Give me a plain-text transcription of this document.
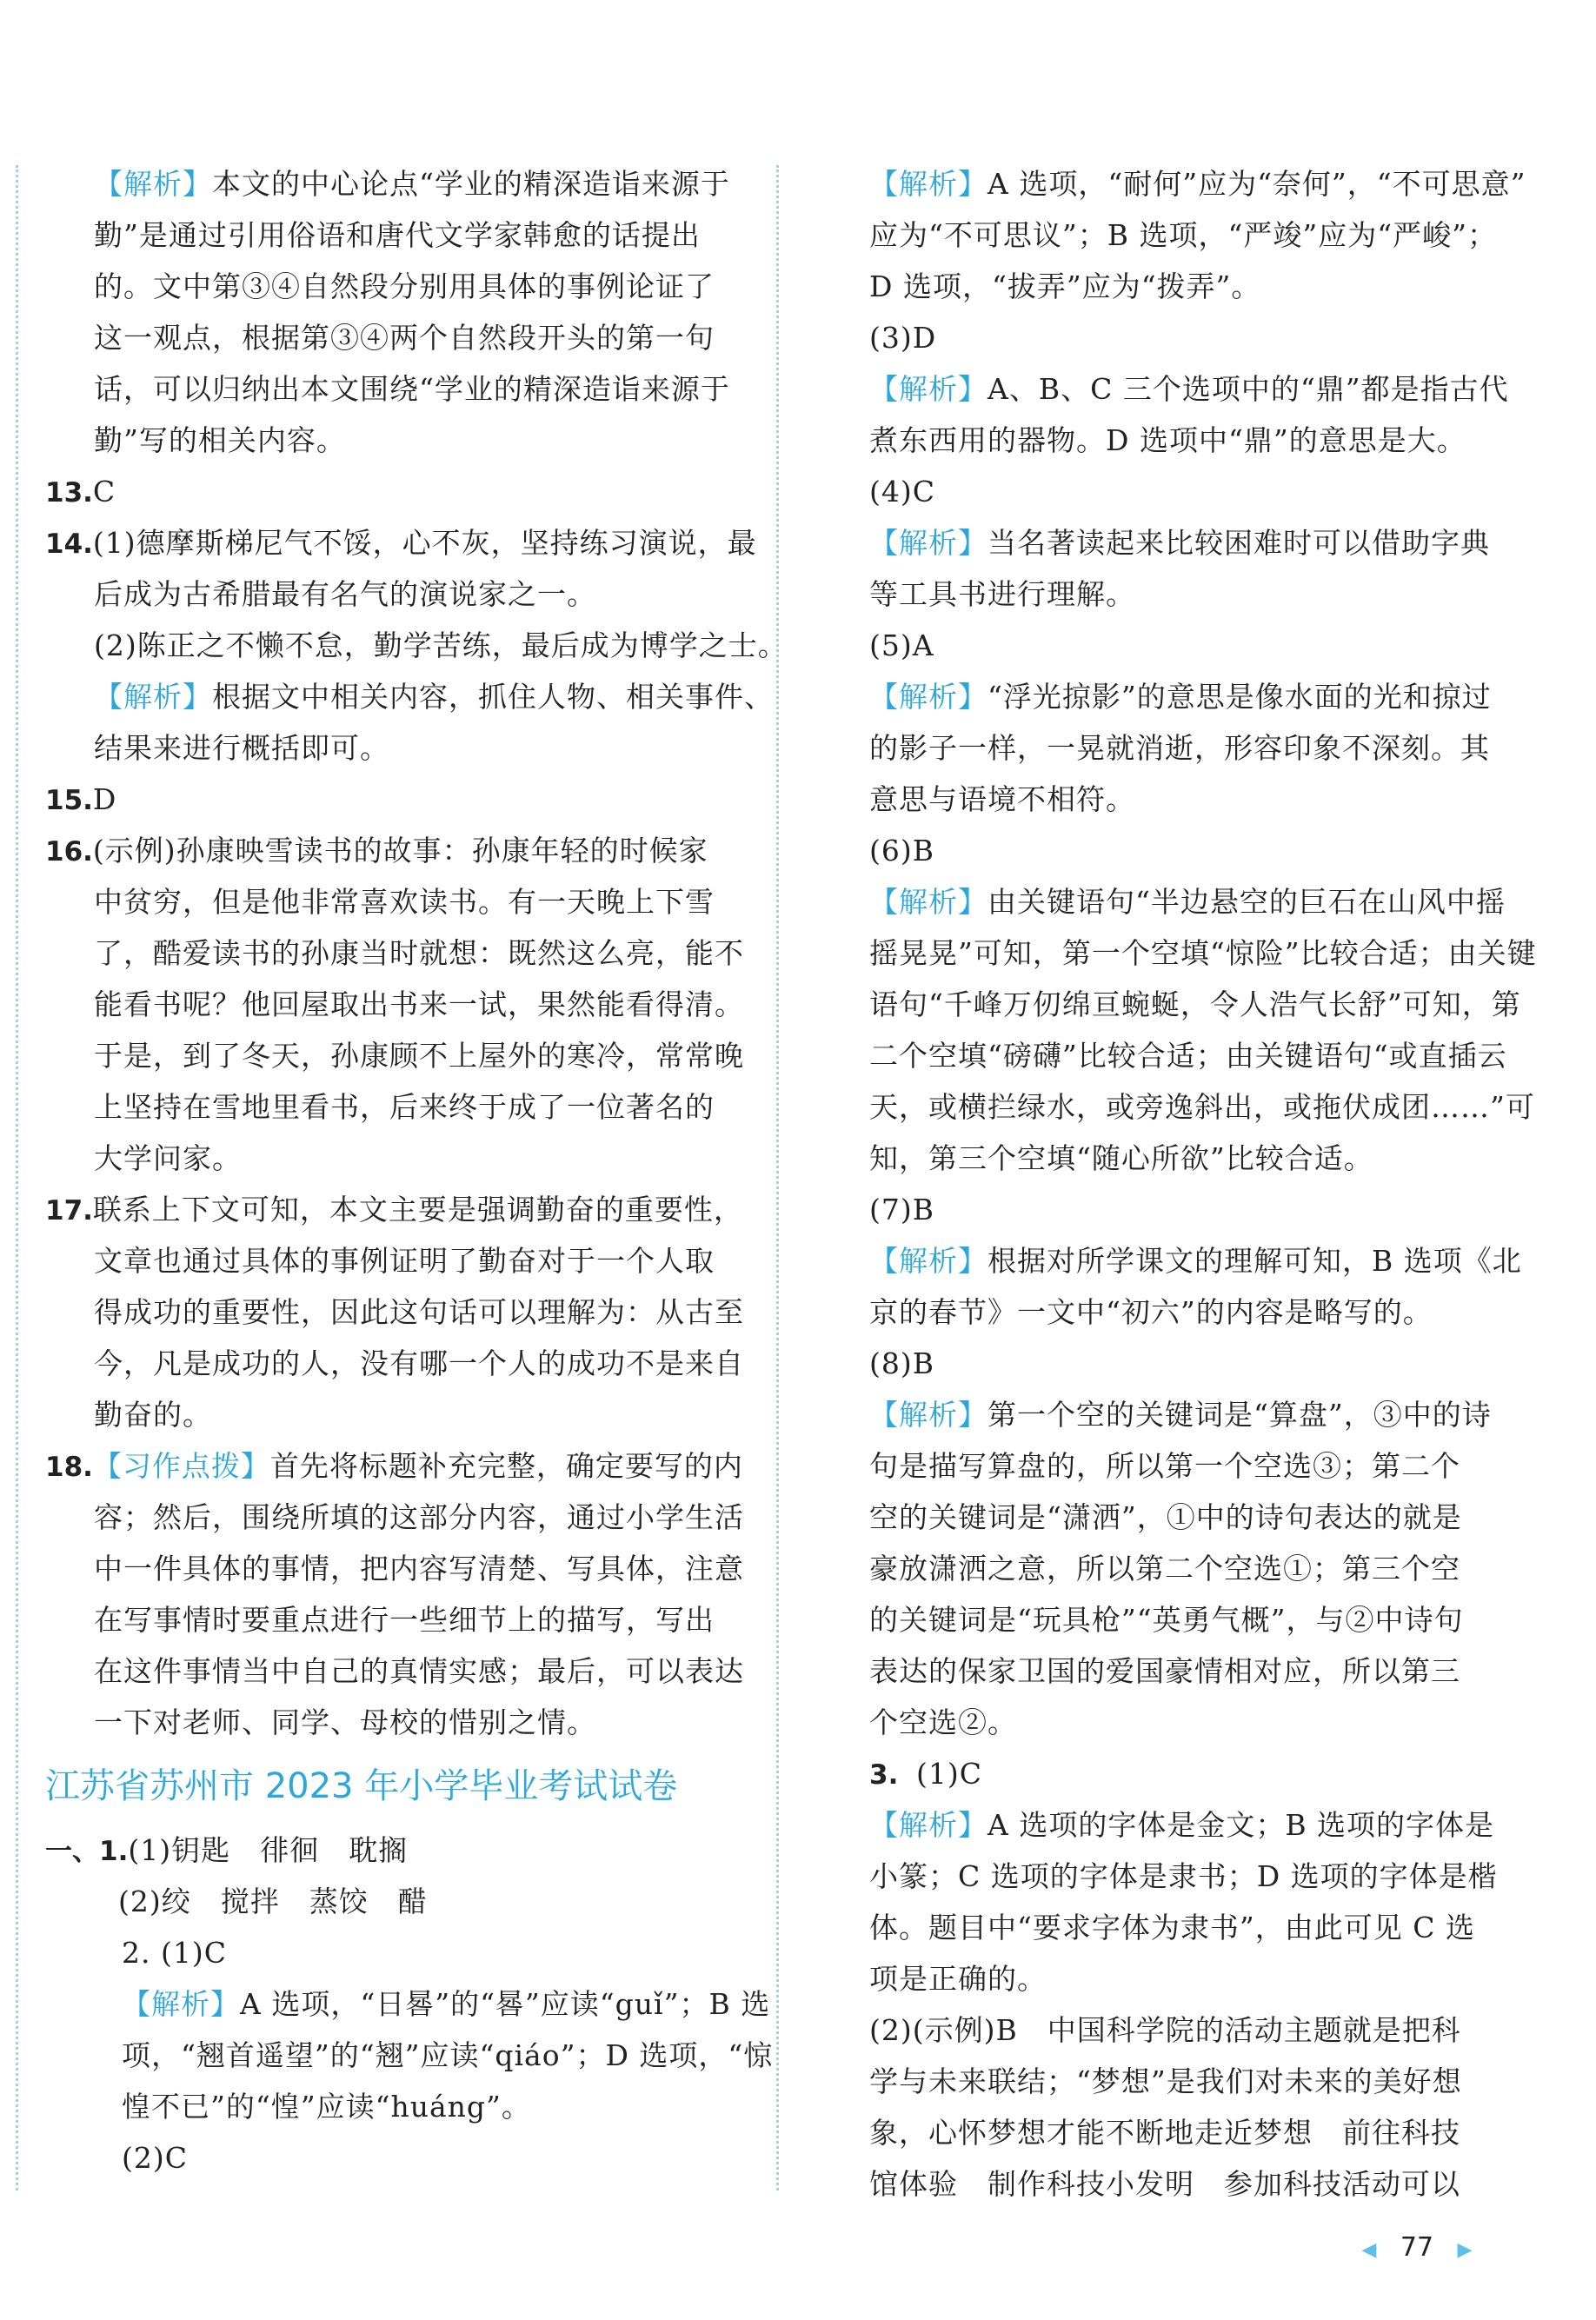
【解析】本文的中心论点“学业的精深造诣来源于
勤”是通过引用俗语和唐代文学家韩愈的话提出
的。文中第③④自然段分别用具体的事例论证了
这一观点，根据第③④两个自然段开头的第一句
话，可以归纳出本文围绕“学业的精深造诣来源于
勤”写的相关内容。
13.C
14.(1)德摩斯梯尼气不馁，心不灰，坚持练习演说，最
后成为古希腊最有名气的演说家之一。
(2)陈正之不懒不怠，勤学苦练，最后成为博学之士。
【解析】根据文中相关内容，抓住人物、相关事件、
结果来进行概括即可。
15.D
16.(示例)孙康映雪读书的故事：孙康年轻的时候家
中贫穷，但是他非常喜欢读书。有一天晚上下雪
了，酷爱读书的孙康当时就想：既然这么亮，能不
能看书呢？他回屋取出书来一试，果然能看得清。
于是，到了冬天，孙康顾不上屋外的寒冷，常常晚
上坚持在雪地里看书，后来终于成了一位著名的
大学问家。
17.联系上下文可知，本文主要是强调勤奋的重要性，
文章也通过具体的事例证明了勤奋对于一个人取
得成功的重要性，因此这句话可以理解为：从古至
今，凡是成功的人，没有哪一个人的成功不是来自
勤奋的。
18.【习作点拨】首先将标题补充完整，确定要写的内
容；然后，围绕所填的这部分内容，通过小学生活
中一件具体的事情，把内容写清楚、写具体，注意
在写事情时要重点进行一些细节上的描写，写出
在这件事情当中自己的真情实感；最后，可以表达
一下对老师、同学、母校的惜别之情。
江苏省苏州市 2023 年小学毕业考试试卷
一、1.(1)钥匙　徘徊　耽搁
(2)绞　搅拌　蒸饺　醋
2. (1)C
【解析】A 选项，“日晷”的“晷”应读“guǐ”；B 选
项，“翘首遥望”的“翘”应读“qiáo”；D 选项，“惊
惶不已”的“惶”应读“huáng”。
(2)C
【解析】A 选项，“耐何”应为“奈何”，“不可思意”
应为“不可思议”；B 选项，“严竣”应为“严峻”；
D 选项，“拔弄”应为“拨弄”。
(3)D
【解析】A、B、C 三个选项中的“鼎”都是指古代
煮东西用的器物。D 选项中“鼎”的意思是大。
(4)C
【解析】当名著读起来比较困难时可以借助字典
等工具书进行理解。
(5)A
【解析】“浮光掠影”的意思是像水面的光和掠过
的影子一样，一晃就消逝，形容印象不深刻。其
意思与语境不相符。
(6)B
【解析】由关键语句“半边悬空的巨石在山风中摇
摇晃晃”可知，第一个空填“惊险”比较合适；由关键
语句“千峰万仞绵亘蜿蜒，令人浩气长舒”可知，第
二个空填“磅礴”比较合适；由关键语句“或直插云
天，或横拦绿水，或旁逸斜出，或拖伏成团……”可
知，第三个空填“随心所欲”比较合适。
(7)B
【解析】根据对所学课文的理解可知，B 选项《北
京的春节》一文中“初六”的内容是略写的。
(8)B
【解析】第一个空的关键词是“算盘”，③中的诗
句是描写算盘的，所以第一个空选③；第二个
空的关键词是“潇洒”，①中的诗句表达的就是
豪放潇洒之意，所以第二个空选①；第三个空
的关键词是“玩具枪”“英勇气概”，与②中诗句
表达的保家卫国的爱国豪情相对应，所以第三
个空选②。
3. (1)C
【解析】A 选项的字体是金文；B 选项的字体是
小篆；C 选项的字体是隶书；D 选项的字体是楷
体。题目中“要求字体为隶书”，由此可见 C 选
项是正确的。
(2)(示例)B　中国科学院的活动主题就是把科
学与未来联结；“梦想”是我们对未来的美好想
象，心怀梦想才能不断地走近梦想　前往科技
馆体验　制作科技小发明　参加科技活动可以
◀ 77 ▶
